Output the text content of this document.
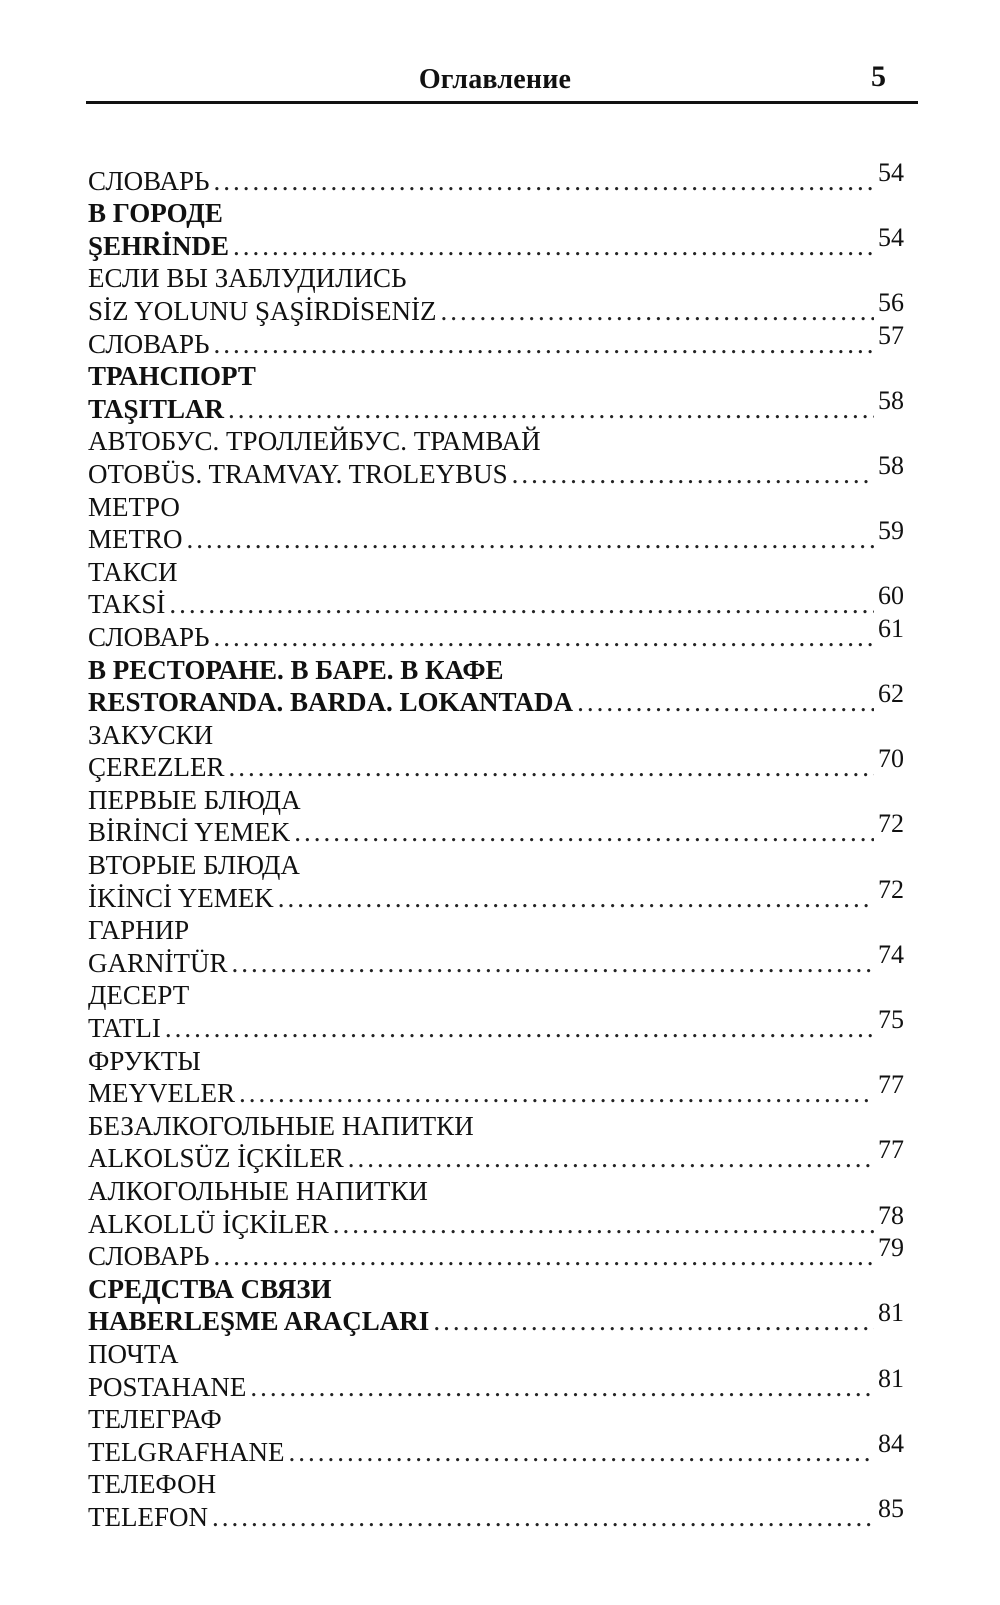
Оглавление	5
СЛОВАРЬ .....	54
В ГОРОДЕ
ŞEHRİNDE .....	54
ЕСЛИ ВЫ ЗАБЛУДИЛИСЬ
SİZ YOLUNU ŞAŞİRDİSENİZ .....	56
СЛОВАРЬ .....	57
ТРАНСПОРТ
TAŞITLAR .....	58
АВТОБУС. ТРОЛЛЕЙБУС. ТРАМВАЙ
OTOBÜS. TRAMVAY. TROLEYBUS .....	58
МЕТРО
METRO .....	59
ТАКСИ
TAKSİ .....	60
СЛОВАРЬ .....	61
В РЕСТОРАНЕ. В БАРЕ. В КАФЕ
RESTORANDA. BARDA. LOKANTADA .....	62
ЗАКУСКИ
ÇEREZLER .....	70
ПЕРВЫЕ БЛЮДА
BİRİNCİ YEMEK .....	72
ВТОРЫЕ БЛЮДА
İKİNCİ YEMEK .....	72
ГАРНИР
GARNİTÜR .....	74
ДЕСЕРТ
TATLI .....	75
ФРУКТЫ
MEYVELER .....	77
БЕЗАЛКОГОЛЬНЫЕ НАПИТКИ
ALKOLSÜZ İÇKİLER .....	77
АЛКОГОЛЬНЫЕ НАПИТКИ
ALKOLLÜ İÇKİLER .....	78
СЛОВАРЬ .....	79
СРЕДСТВА СВЯЗИ
HABERLEŞME ARAÇLARI .....	81
ПОЧТА
POSTAHANE .....	81
ТЕЛЕГРАФ
TELGRAFHANE .....	84
ТЕЛЕФОН
TELEFON .....	85
